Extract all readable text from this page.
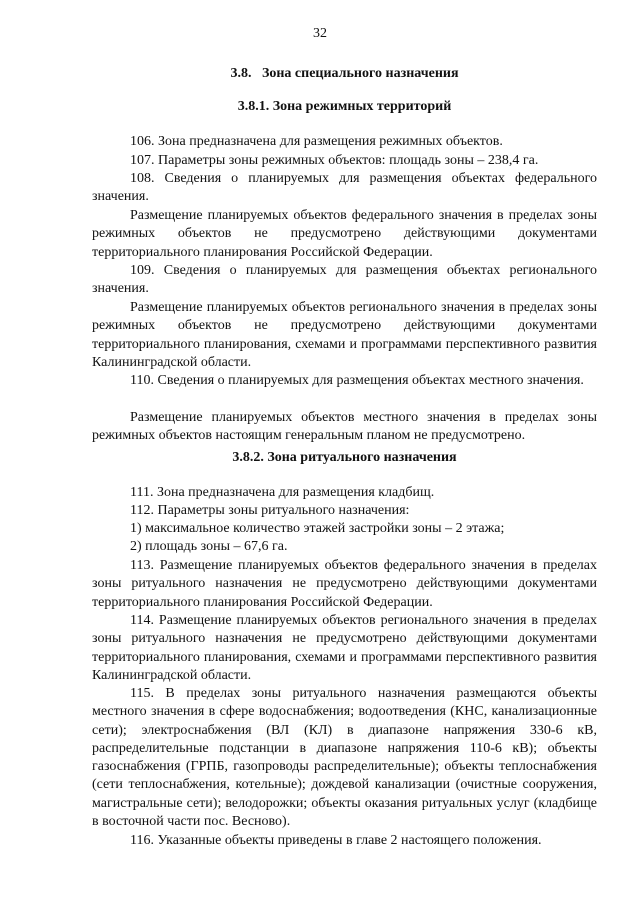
32
3.8.   Зона специального назначения
3.8.1. Зона режимных территорий

106. Зона предназначена для размещения режимных объектов.

107. Параметры зоны режимных объектов: площадь зоны – 238,4 га.

108. Сведения о планируемых для размещения объектах федерального значения.

Размещение планируемых объектов федерального значения в пределах зоны режимных объектов не предусмотрено действующими документами территориального планирования Российской Федерации.

109. Сведения о планируемых для размещения объектах регионального значения.

Размещение планируемых объектов регионального значения в пределах зоны режимных объектов не предусмотрено действующими документами территориального планирования, схемами и программами перспективного развития Калининградской области.

110. Сведения о планируемых для размещения объектах местного значения.

Размещение планируемых объектов местного значения в пределах зоны режимных объектов настоящим генеральным планом не предусмотрено.

111. Зона предназначена для размещения кладбищ.

112. Параметры зоны ритуального назначения:

1) максимальное количество этажей застройки зоны – 2 этажа;

2) площадь зоны – 67,6 га.

113. Размещение планируемых объектов федерального значения в пределах зоны ритуального назначения не предусмотрено действующими документами территориального планирования Российской Федерации.

114. Размещение планируемых объектов регионального значения в пределах зоны ритуального назначения не предусмотрено действующими документами территориального планирования, схемами и программами перспективного развития Калининградской области.

115. В пределах зоны ритуального назначения размещаются объекты местного значения в сфере водоснабжения; водоотведения (КНС, канализационные сети); электроснабжения (ВЛ (КЛ) в диапазоне напряжения 330-6 кВ, распределительные подстанции в диапазоне напряжения 110-6 кВ); объекты газоснабжения (ГРПБ, газопроводы распределительные); объекты теплоснабжения (сети теплоснабжения, котельные); дождевой канализации (очистные сооружения, магистральные сети); велодорожки; объекты оказания ритуальных услуг (кладбище в восточной части пос. Весново).

116. Указанные объекты приведены в главе 2 настоящего положения.

3.8.2. Зона ритуального назначения
